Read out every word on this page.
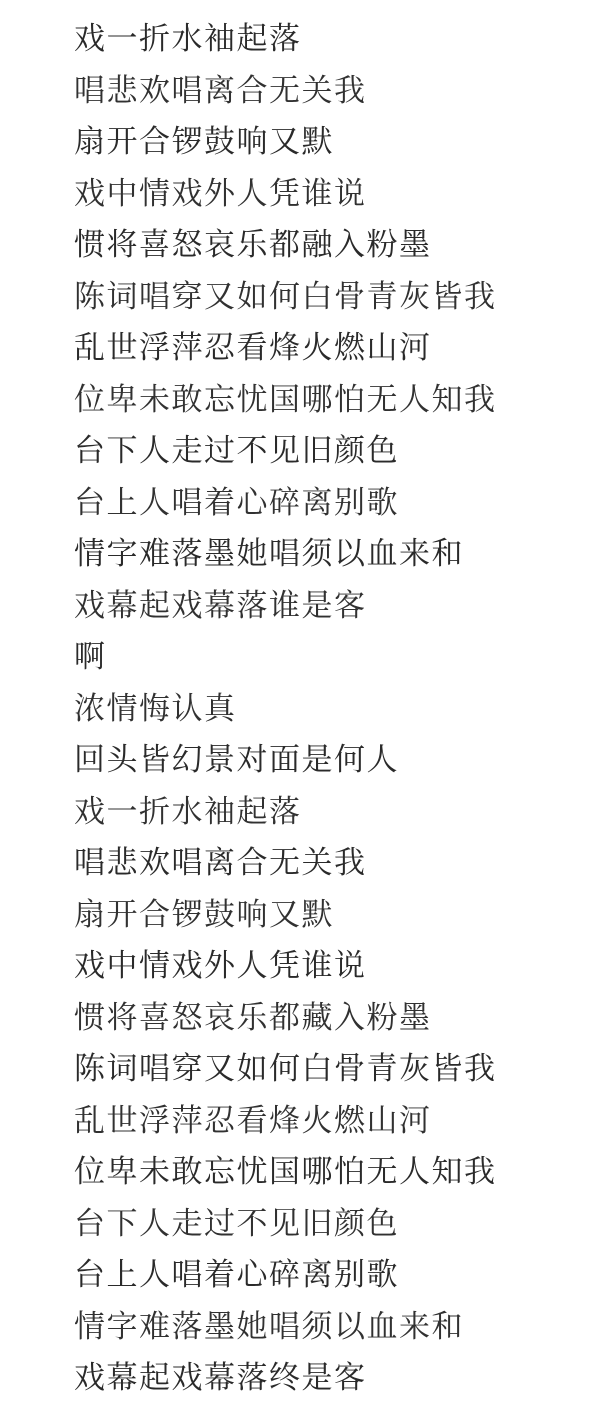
戏一折水袖起落
唱悲欢唱离合无关我
扇开合锣鼓响又默
戏中情戏外人凭谁说
惯将喜怒哀乐都融入粉墨
陈词唱穿又如何白骨青灰皆我
乱世浮萍忍看烽火燃山河
位卑未敢忘忧国哪怕无人知我
台下人走过不见旧颜色
台上人唱着心碎离别歌
情字难落墨她唱须以血来和
戏幕起戏幕落谁是客
啊
浓情悔认真
回头皆幻景对面是何人
戏一折水袖起落
唱悲欢唱离合无关我
扇开合锣鼓响又默
戏中情戏外人凭谁说
惯将喜怒哀乐都藏入粉墨
陈词唱穿又如何白骨青灰皆我
乱世浮萍忍看烽火燃山河
位卑未敢忘忧国哪怕无人知我
台下人走过不见旧颜色
台上人唱着心碎离别歌
情字难落墨她唱须以血来和
戏幕起戏幕落终是客
